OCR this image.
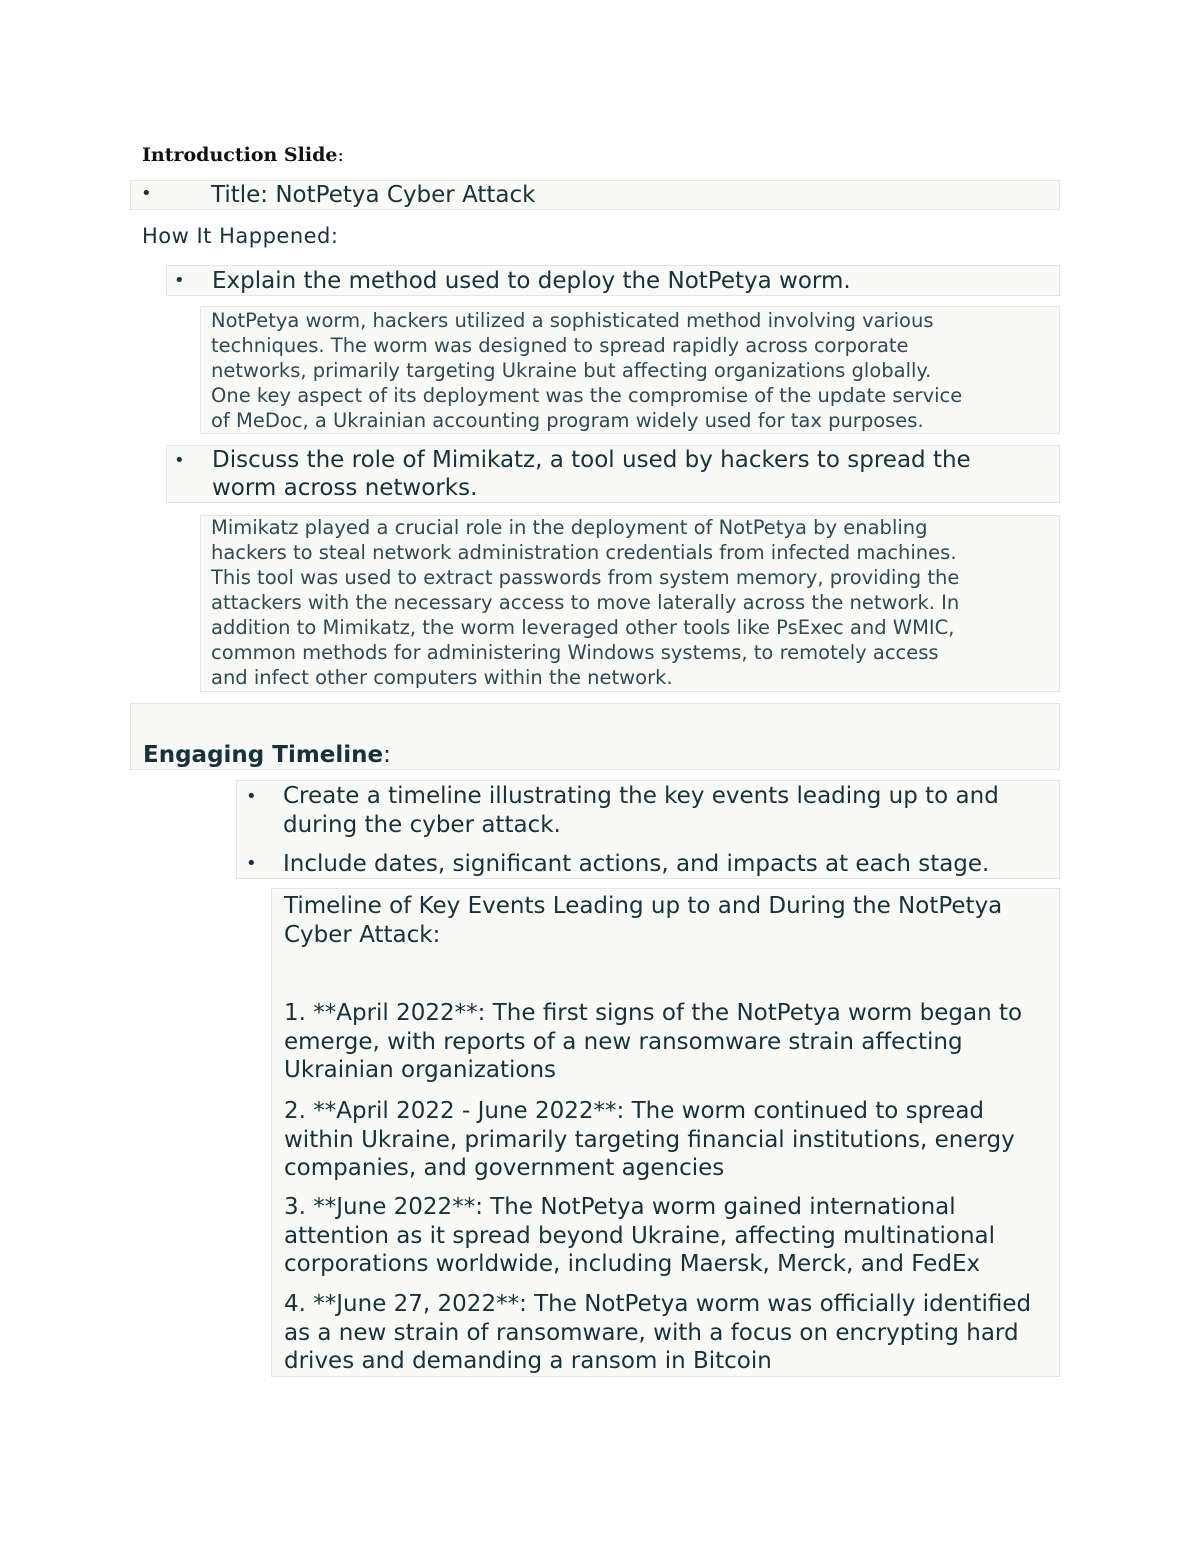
Introduction Slide:
•	Title: NotPetya Cyber Attack
How It Happened:
• Explain the method used to deploy the NotPetya worm.
NotPetya worm, hackers utilized a sophisticated method involving various
techniques. The worm was designed to spread rapidly across corporate
networks, primarily targeting Ukraine but affecting organizations globally.
One key aspect of its deployment was the compromise of the update service
of MeDoc, a Ukrainian accounting program widely used for tax purposes.
• Discuss the role of Mimikatz, a tool used by hackers to spread the
worm across networks.
Mimikatz played a crucial role in the deployment of NotPetya by enabling
hackers to steal network administration credentials from infected machines.
This tool was used to extract passwords from system memory, providing the
attackers with the necessary access to move laterally across the network. In
addition to Mimikatz, the worm leveraged other tools like PsExec and WMIC,
common methods for administering Windows systems, to remotely access
and infect other computers within the network.
Engaging Timeline:
• Create a timeline illustrating the key events leading up to and
during the cyber attack.
• Include dates, significant actions, and impacts at each stage.
Timeline of Key Events Leading up to and During the NotPetya
Cyber Attack:
1. **April 2022**: The first signs of the NotPetya worm began to
emerge, with reports of a new ransomware strain affecting
Ukrainian organizations
2. **April 2022 - June 2022**: The worm continued to spread
within Ukraine, primarily targeting financial institutions, energy
companies, and government agencies
3. **June 2022**: The NotPetya worm gained international
attention as it spread beyond Ukraine, affecting multinational
corporations worldwide, including Maersk, Merck, and FedEx
4. **June 27, 2022**: The NotPetya worm was officially identified
as a new strain of ransomware, with a focus on encrypting hard
drives and demanding a ransom in Bitcoin
